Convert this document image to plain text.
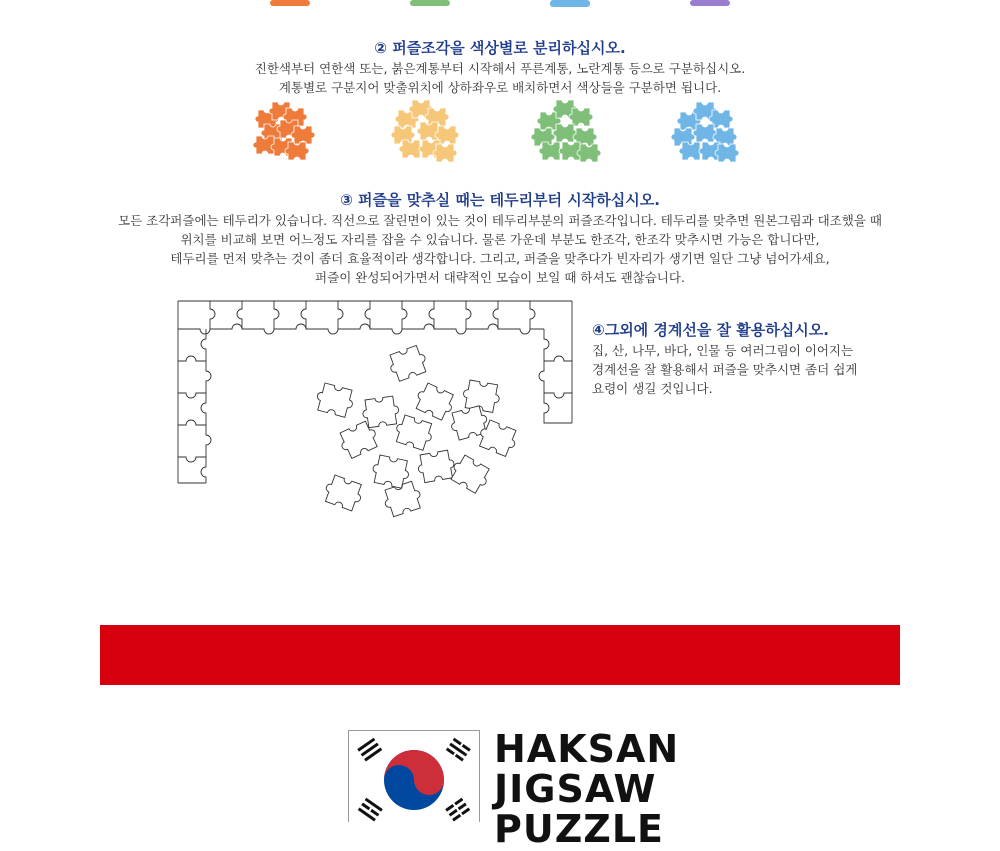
② 퍼즐조각을 색상별로 분리하십시오.
진한색부터 연한색 또는, 붉은계통부터 시작해서 푸른계통, 노란계통 등으로 구분하십시오.
계통별로 구분지어 맞출위치에 상하좌우로 배치하면서 색상들을 구분하면 됩니다.
③ 퍼즐을 맞추실 때는 테두리부터 시작하십시오.
모든 조각퍼즐에는 테두리가 있습니다. 직선으로 잘린면이 있는 것이 테두리부분의 퍼즐조각입니다. 테두리를 맞추면 원본그림과 대조했을 때
위치를 비교해 보면 어느정도 자리를 잡을 수 있습니다. 물론 가운데 부분도 한조각, 한조각 맞추시면 가능은 합니다만,
테두리를 먼저 맞추는 것이 좀더 효율적이라 생각합니다. 그리고, 퍼즐을 맞추다가 빈자리가 생기면 일단 그냥 넘어가세요,
퍼즐이 완성되어가면서 대략적인 모습이 보일 때 하셔도 괜찮습니다.
④그외에 경계선을 잘 활용하십시오.
집, 산, 나무, 바다, 인물 등 여러그림이 이어지는
경계선을 잘 활용해서 퍼즐을 맞추시면 좀더 쉽게
요령이 생길 것입니다.
HAKSAN
JIGSAW
PUZZLE
